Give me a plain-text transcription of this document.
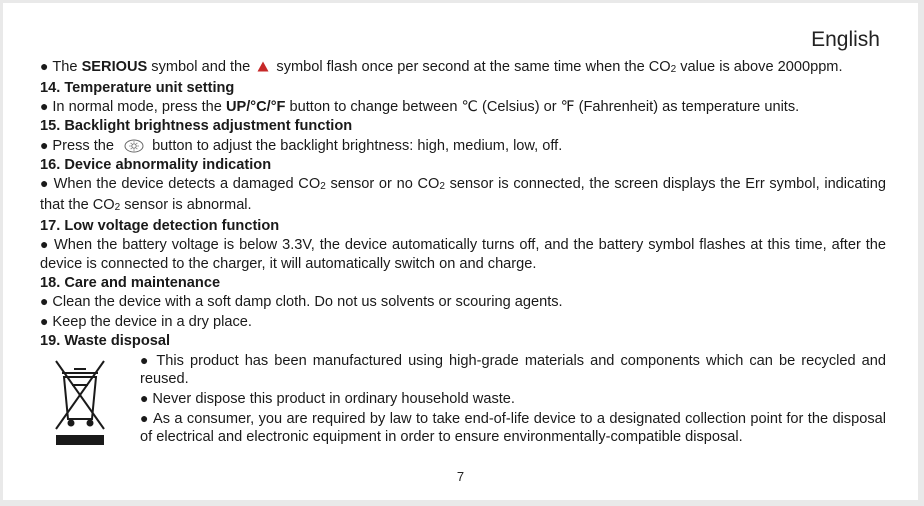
English

● The SERIOUS symbol and the  symbol flash once per second at the same time when the $CO_2$ value is above 2000ppm.

14. Temperature unit setting

● In normal mode, press the UP/°C/°F button to change between ℃ (Celsius) or ℉ (Fahrenheit) as temperature units.

15. Backlight brightness adjustment function

● Press the button to adjust the backlight brightness: high, medium, low, off.

16. Device abnormality indication

● When the device detects a damaged $CO_2$ sensor or no $CO_2$ sensor is connected, the screen displays the Err symbol, indicating that the $CO_2$ sensor is abnormal.

17. Low voltage detection function

● When the battery voltage is below 3.3V, the device automatically turns off, and the battery symbol flashes at this time, after the device is connected to the charger, it will automatically switch on and charge.

18. Care and maintenance

● Clean the device with a soft damp cloth. Do not us solvents or scouring agents.

● Keep the device in a dry place.

19. Waste disposal

● This product has been manufactured using high-grade materials and components which can be recycled and reused.

● Never dispose this product in ordinary household waste.

● As a consumer, you are required by law to take end-of-life device to a designated collection point for the disposal of electrical and electronic equipment in order to ensure environmentally-compatible disposal.

7
